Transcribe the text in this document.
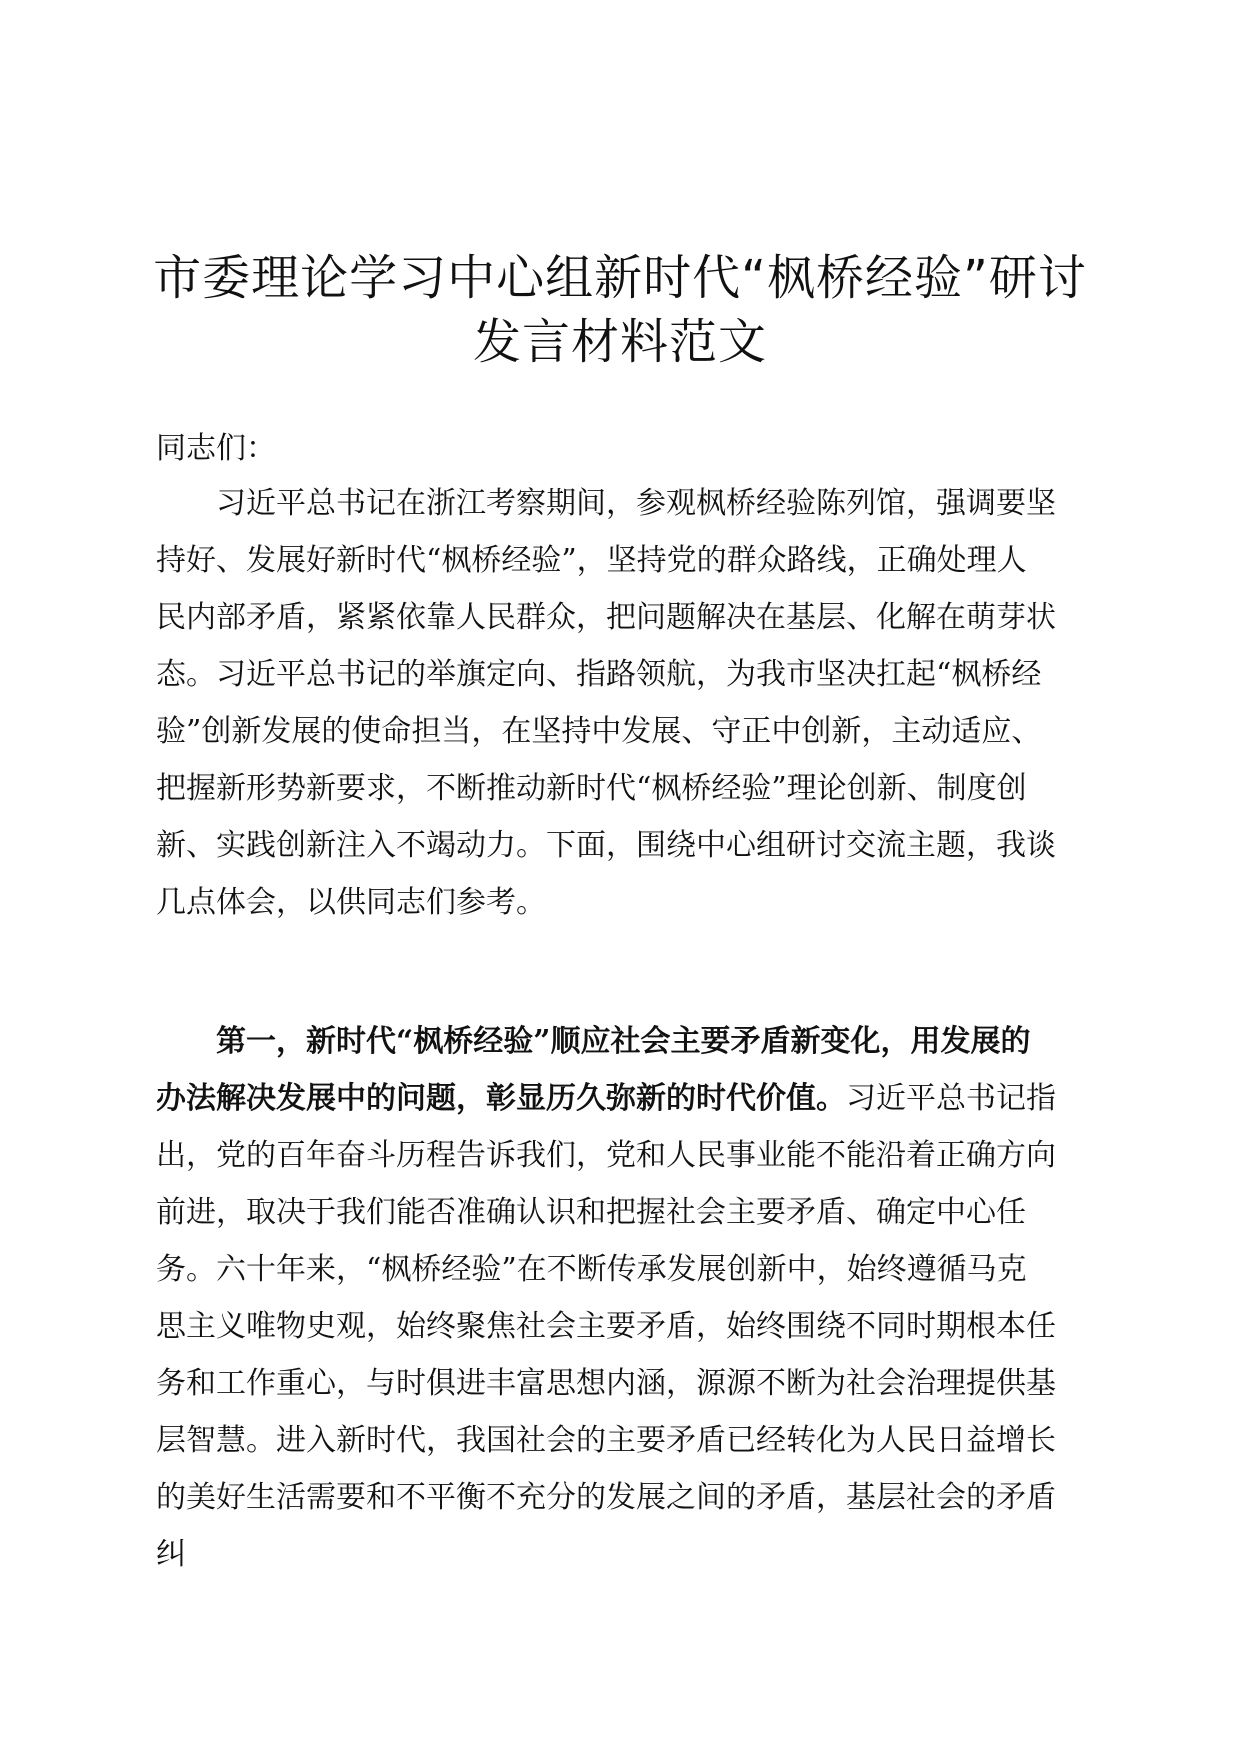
市委理论学习中心组新时代“枫桥经验”研讨
发言材料范文
同志们：
习近平总书记在浙江考察期间，参观枫桥经验陈列馆，强调要坚持好、发展好新时代“枫桥经验”，坚持党的群众路线，正确处理人民内部矛盾，紧紧依靠人民群众，把问题解决在基层、化解在萌芽状态。习近平总书记的举旗定向、指路领航，为我市坚决扛起“枫桥经验”创新发展的使命担当，在坚持中发展、守正中创新，主动适应、把握新形势新要求，不断推动新时代“枫桥经验”理论创新、制度创新、实践创新注入不竭动力。下面，围绕中心组研讨交流主题，我谈几点体会，以供同志们参考。
第一，新时代“枫桥经验”顺应社会主要矛盾新变化，用发展的办法解决发展中的问题，彰显历久弥新的时代价值。习近平总书记指出，党的百年奋斗历程告诉我们，党和人民事业能不能沿着正确方向前进，取决于我们能否准确认识和把握社会主要矛盾、确定中心任务。六十年来，“枫桥经验”在不断传承发展创新中，始终遵循马克思主义唯物史观，始终聚焦社会主要矛盾，始终围绕不同时期根本任务和工作重心，与时俱进丰富思想内涵，源源不断为社会治理提供基层智慧。进入新时代，我国社会的主要矛盾已经转化为人民日益增长的美好生活需要和不平衡不充分的发展之间的矛盾，基层社会的矛盾纠
